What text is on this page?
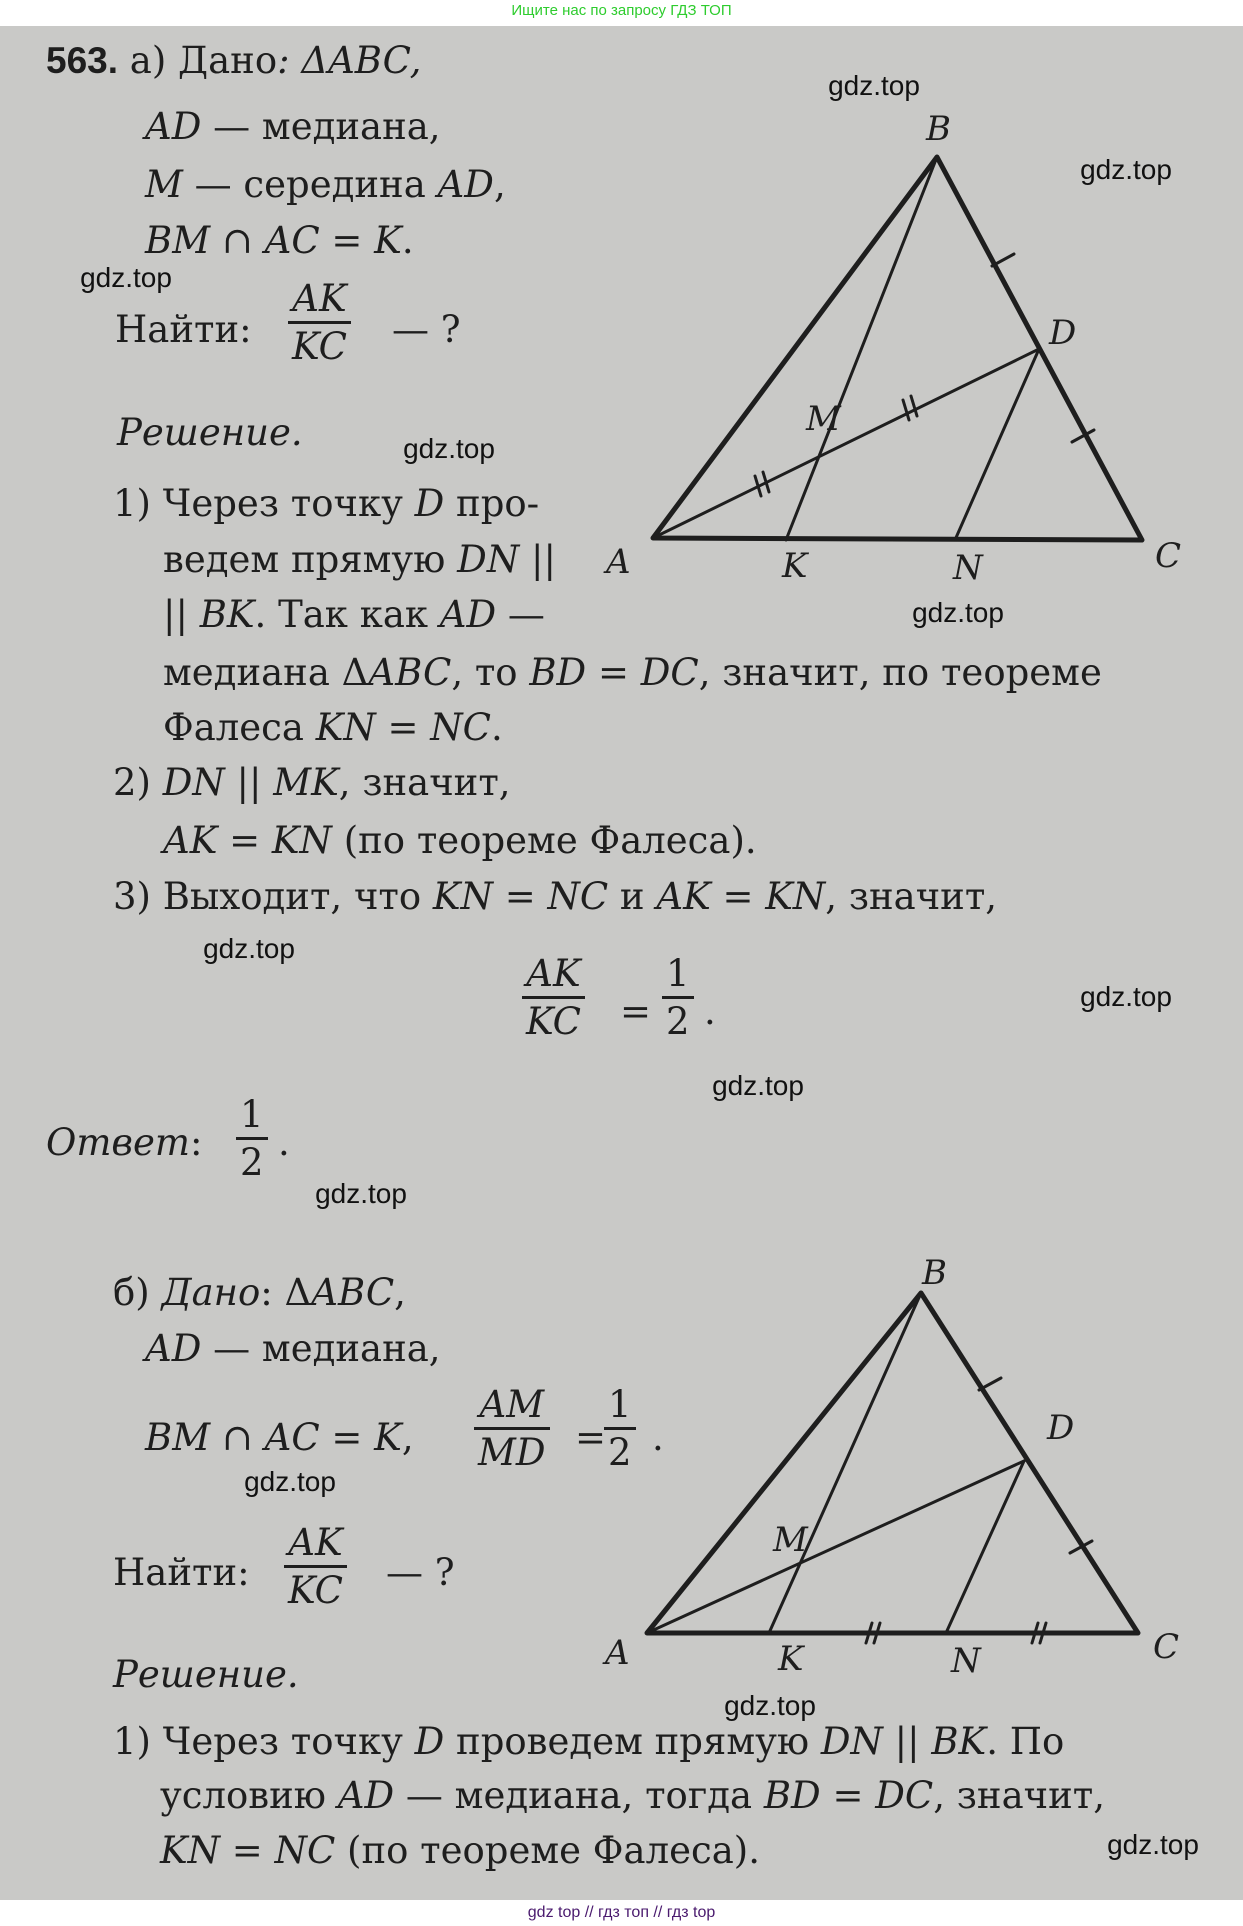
Ищите нас по запросу ГДЗ ТОП
gdz top // гдз топ // гдз top
563. а) Дано: ΔABC,
AD — медиана,
M — середина AD,
BM ∩ AC = K.
Найти:	— ?
Решение.
1) Через точку D про-
ведем прямую DN ||
|| BK. Так как AD —
медиана ΔABC, то BD = DC, значит, по теореме
Фалеса KN = NC.
2) DN || MK, значит,
AK = KN (по теореме Фалеса).
3) Выходит, что KN = NC и AK = KN, значит,
= .
Ответ: .
б) Дано: ΔABC,
AD — медиана,
BM ∩ AC = K,	= .
Найти:	— ?
Решение.
1) Через точку D проведем прямую DN || BK. По
условию AD — медиана, тогда BD = DC, значит,
KN = NC (по теореме Фалеса).
$\frac{AK}{KC}$
$\frac{AK}{KC} \frac{1}{2}$
$\frac{1}{2}$
$\frac{AM}{MD} \frac{1}{2}$
$\frac{AK}{KC}$
B
D
M
A	K	N	C
B
D
M
A	K	N	C
gdz.top
gdz.top
gdz.top
gdz.top
gdz.top
gdz.top
gdz.top
gdz.top
gdz.top
gdz.top
gdz.top
gdz.top
